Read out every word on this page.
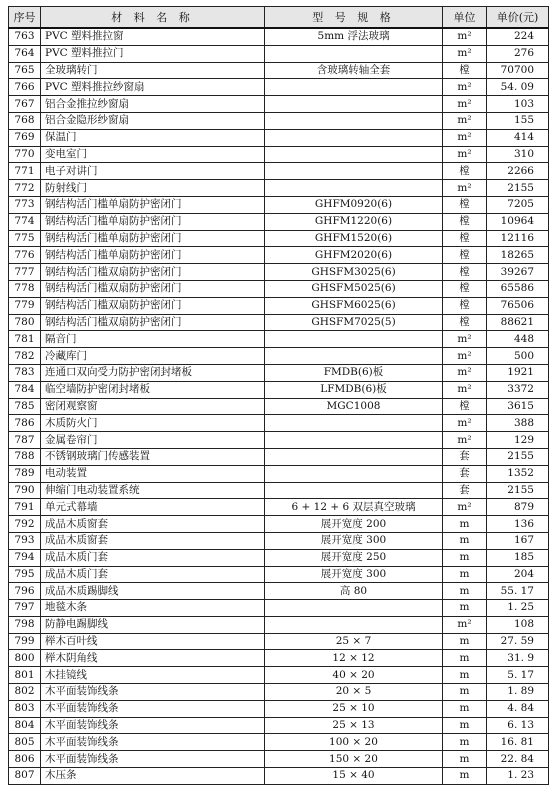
序号	材 料 名 称	型 号 规 格	单位	单价(元)
763	PVC 塑料推拉窗	5mm 浮法玻璃	m²	224
764	PVC 塑料推拉门		m²	276
765	全玻璃转门	含玻璃转轴全套	樘	70700
766	PVC 塑料推拉纱窗扇		m²	54. 09
767	铝合金推拉纱窗扇		m²	103
768	铝合金隐形纱窗扇		m²	155
769	保温门		m²	414
770	变电室门		m²	310
771	电子对讲门		樘	2266
772	防射线门		m²	2155
773	钢结构活门槛单扇防护密闭门	GHFM0920(6)	樘	7205
774	钢结构活门槛单扇防护密闭门	GHFM1220(6)	樘	10964
775	钢结构活门槛单扇防护密闭门	GHFM1520(6)	樘	12116
776	钢结构活门槛单扇防护密闭门	GHFM2020(6)	樘	18265
777	钢结构活门槛双扇防护密闭门	GHSFM3025(6)	樘	39267
778	钢结构活门槛双扇防护密闭门	GHSFM5025(6)	樘	65586
779	钢结构活门槛双扇防护密闭门	GHSFM6025(6)	樘	76506
780	钢结构活门槛双扇防护密闭门	GHSFM7025(5)	樘	88621
781	隔音门		m²	448
782	冷藏库门		m²	500
783	连通口双向受力防护密闭封堵板	FMDB(6)板	m²	1921
784	临空墙防护密闭封堵板	LFMDB(6)板	m²	3372
785	密闭观察窗	MGC1008	樘	3615
786	木质防火门		m²	388
787	金属卷帘门		m²	129
788	不锈钢玻璃门传感装置		套	2155
789	电动装置		套	1352
790	伸缩门电动装置系统		套	2155
791	单元式幕墙	6 + 12 + 6 双层真空玻璃	m²	879
792	成品木质窗套	展开宽度 200	m	136
793	成品木质窗套	展开宽度 300	m	167
794	成品木质门套	展开宽度 250	m	185
795	成品木质门套	展开宽度 300	m	204
796	成品木质踢脚线	高 80	m	55. 17
797	地毯木条		m	1. 25
798	防静电踢脚线		m²	108
799	榉木百叶线	25 × 7	m	27. 59
800	榉木阴角线	12 × 12	m	31. 9
801	木挂镜线	40 × 20	m	5. 17
802	木平面装饰线条	20 × 5	m	1. 89
803	木平面装饰线条	25 × 10	m	4. 84
804	木平面装饰线条	25 × 13	m	6. 13
805	木平面装饰线条	100 × 20	m	16. 81
806	木平面装饰线条	150 × 20	m	22. 84
807	木压条	15 × 40	m	1. 23
